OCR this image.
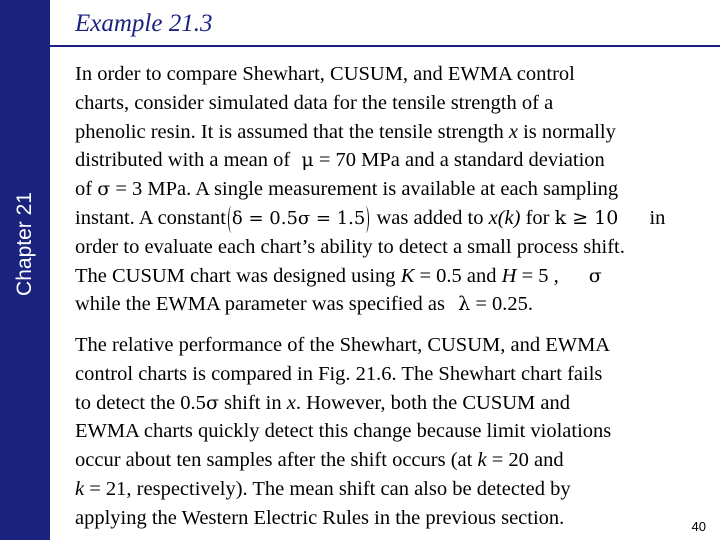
Chapter 21
Example 21.3
In order to compare Shewhart, CUSUM, and EWMA control
charts, consider simulated data for the tensile strength of a
phenolic resin. It is assumed that the tensile strength x is normally
distributed with a mean of μ = 70 MPa and a standard deviation
of σ = 3 MPa. A single measurement is available at each sampling
instant. A constant δ = 0.5σ = 1.5 was added to x(k) for k ≥ 10 in
order to evaluate each chart’s ability to detect a small process shift.
The CUSUM chart was designed using K = 0.5 and H = 5 , σ
while the EWMA parameter was specified as λ = 0.25.
The relative performance of the Shewhart, CUSUM, and EWMA
control charts is compared in Fig. 21.6. The Shewhart chart fails
to detect the 0.5σ shift in x. However, both the CUSUM and
EWMA charts quickly detect this change because limit violations
occur about ten samples after the shift occurs (at k = 20 and
k = 21, respectively). The mean shift can also be detected by
applying the Western Electric Rules in the previous section.	40
